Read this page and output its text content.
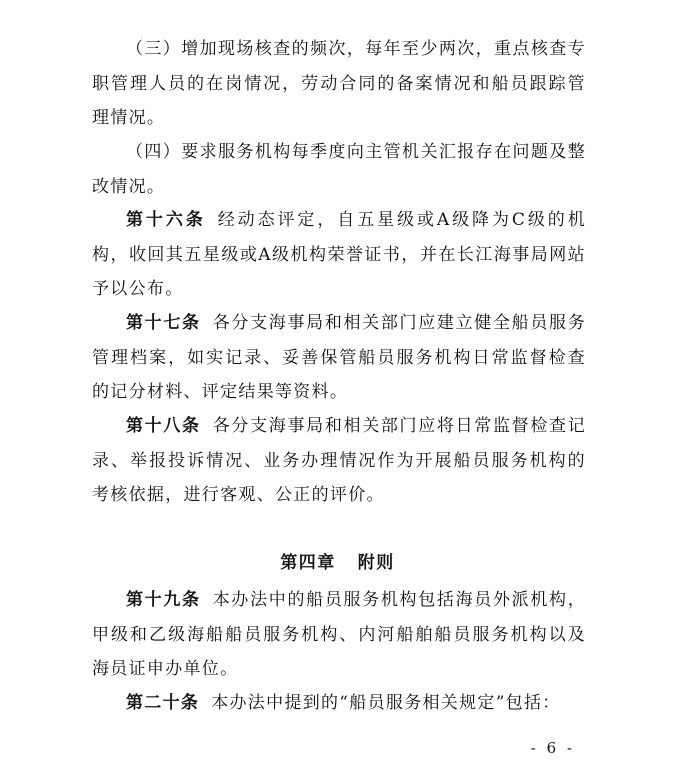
（三）增加现场核查的频次，每年至少两次，重点核查专职管理人员的在岗情况，劳动合同的备案情况和船员跟踪管理情况。

（四）要求服务机构每季度向主管机关汇报存在问题及整改情况。

第十六条 经动态评定，自五星级或A级降为C级的机构，收回其五星级或A级机构荣誉证书，并在长江海事局网站予以公布。

第十七条 各分支海事局和相关部门应建立健全船员服务管理档案，如实记录、妥善保管船员服务机构日常监督检查的记分材料、评定结果等资料。

第十八条 各分支海事局和相关部门应将日常监督检查记录、举报投诉情况、业务办理情况作为开展船员服务机构的考核依据，进行客观、公正的评价。

第四章 附则

第十九条 本办法中的船员服务机构包括海员外派机构，甲级和乙级海船船员服务机构、内河船舶船员服务机构以及海员证申办单位。

第二十条 本办法中提到的“船员服务相关规定”包括：

- 6 -
